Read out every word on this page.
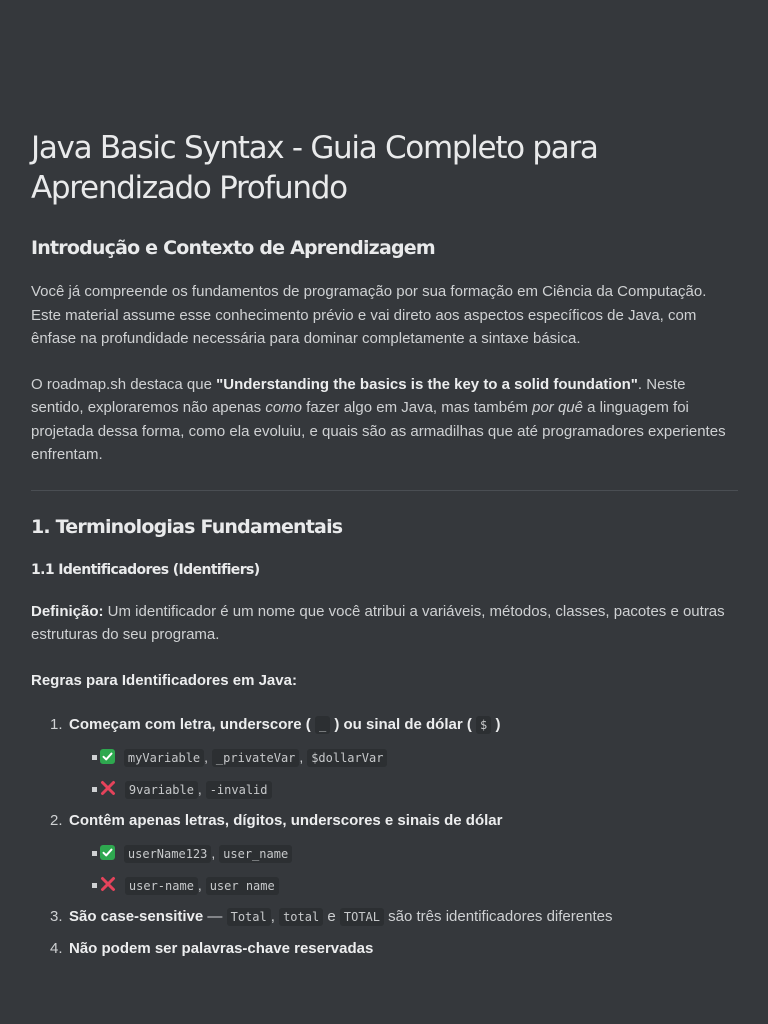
Java Basic Syntax - Guia Completo para Aprendizado Profundo
Introdução e Contexto de Aprendizagem

Você já compreende os fundamentos de programação por sua formação em Ciência da Computação. Este material assume esse conhecimento prévio e vai direto aos aspectos específicos de Java, com ênfase na profundidade necessária para dominar completamente a sintaxe básica.

O roadmap.sh destaca que "Understanding the basics is the key to a solid foundation". Neste sentido, exploraremos não apenas como fazer algo em Java, mas também por quê a linguagem foi projetada dessa forma, como ela evoluiu, e quais são as armadilhas que até programadores experientes enfrentam.

1. Terminologias Fundamentais
1.1 Identificadores (Identifiers)

Definição: Um identificador é um nome que você atribui a variáveis, métodos, classes, pacotes e outras estruturas do seu programa.

Regras para Identificadores em Java:

1. Começam com letra, underscore ( _ ) ou sinal de dólar ( $ )
myVariable , _privateVar , $dollarVar
9variable , -invalid
2. Contêm apenas letras, dígitos, underscores e sinais de dólar
userName123 , user_name
user-name , user name
3. São case-sensitive — Total , total e TOTAL são três identificadores diferentes
4. Não podem ser palavras-chave reservadas
